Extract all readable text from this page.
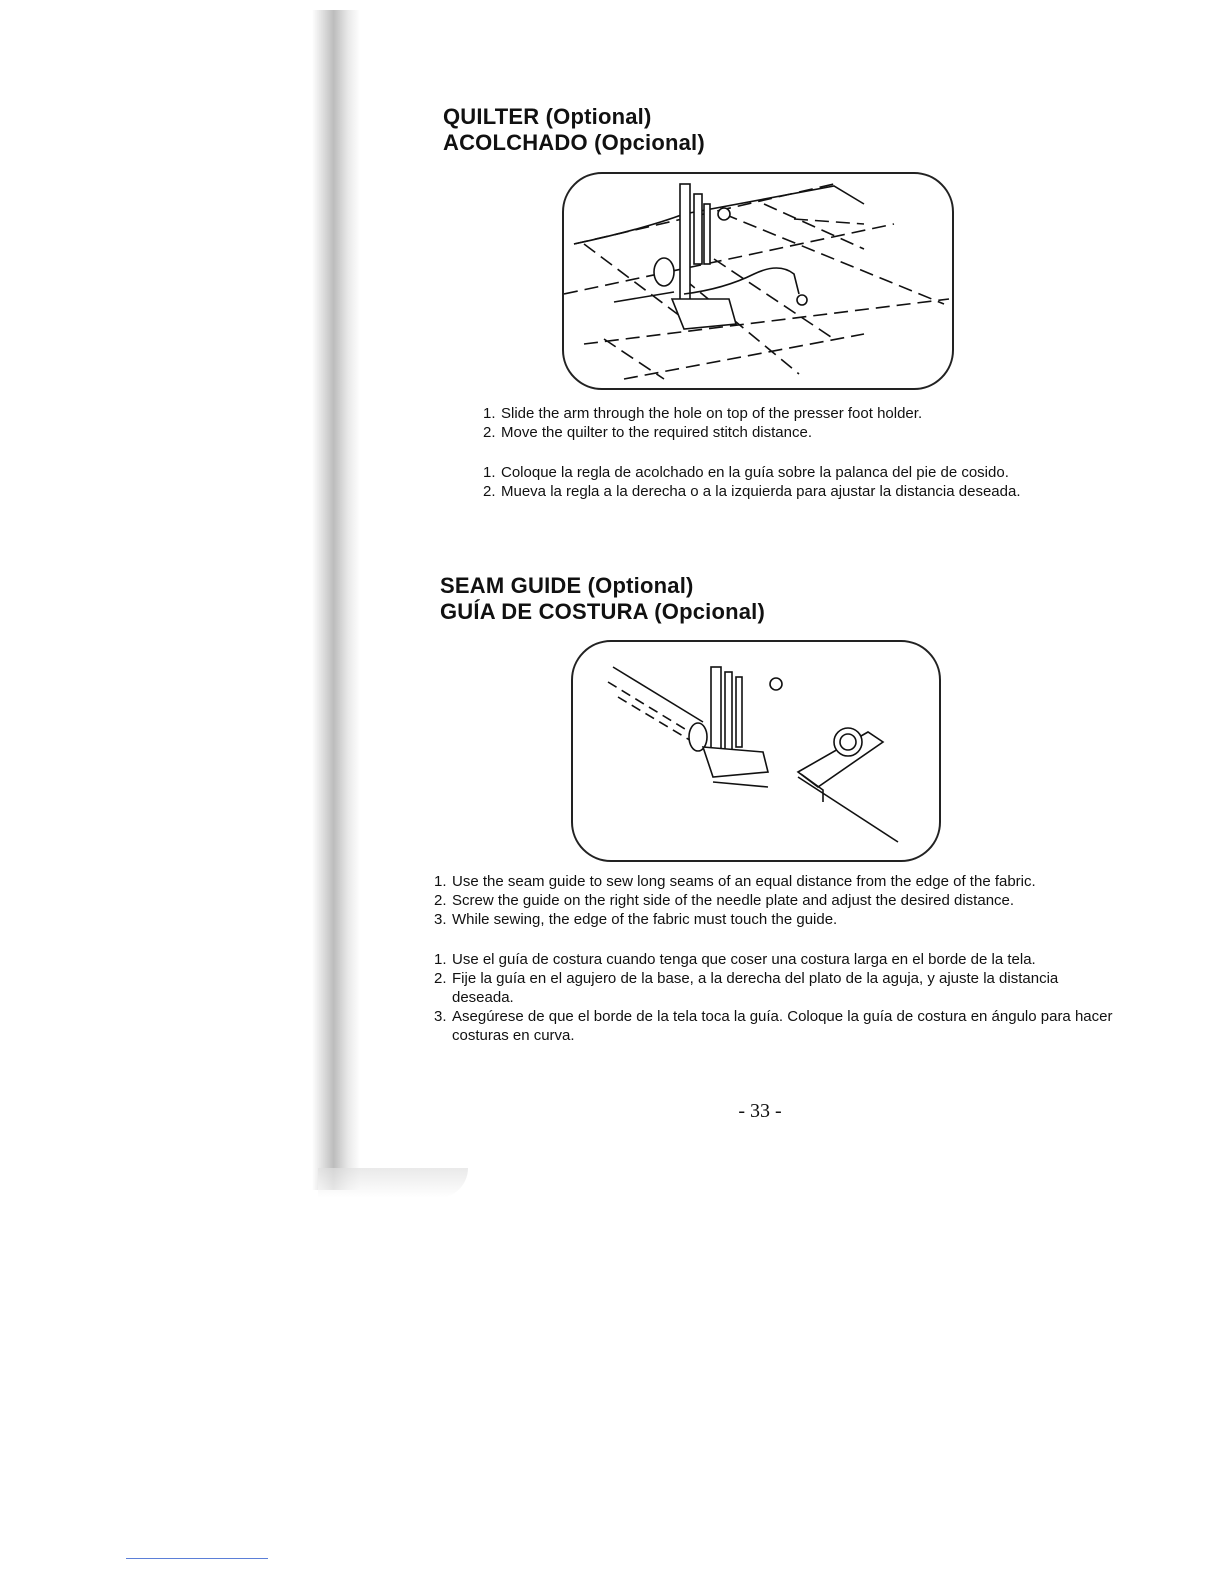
QUILTER (Optional)
ACOLCHADO (Opcional)
1. Slide the arm through the hole on top of the presser foot holder.
2. Move the quilter to the required stitch distance.
1. Coloque la regla de acolchado en la guía sobre la palanca del pie de cosido.
2. Mueva la regla a la derecha o a la izquierda para ajustar la distancia deseada.
SEAM GUIDE (Optional)
GUÍA DE COSTURA (Opcional)
1. Use the seam guide to sew long seams of an equal distance from the edge of the fabric.
2. Screw the guide on the right side of the needle plate and adjust the desired distance.
3. While sewing, the edge of the fabric must touch the guide.
1. Use el guía de costura cuando tenga que coser una costura larga en el borde de la tela.
2. Fije la guía en el agujero de la base, a la derecha del plato de la aguja, y ajuste la distancia deseada.
3. Asegúrese de que el borde de la tela toca la guía. Coloque la guía de costura en ángulo para hacer costuras en curva.
- 33 -
